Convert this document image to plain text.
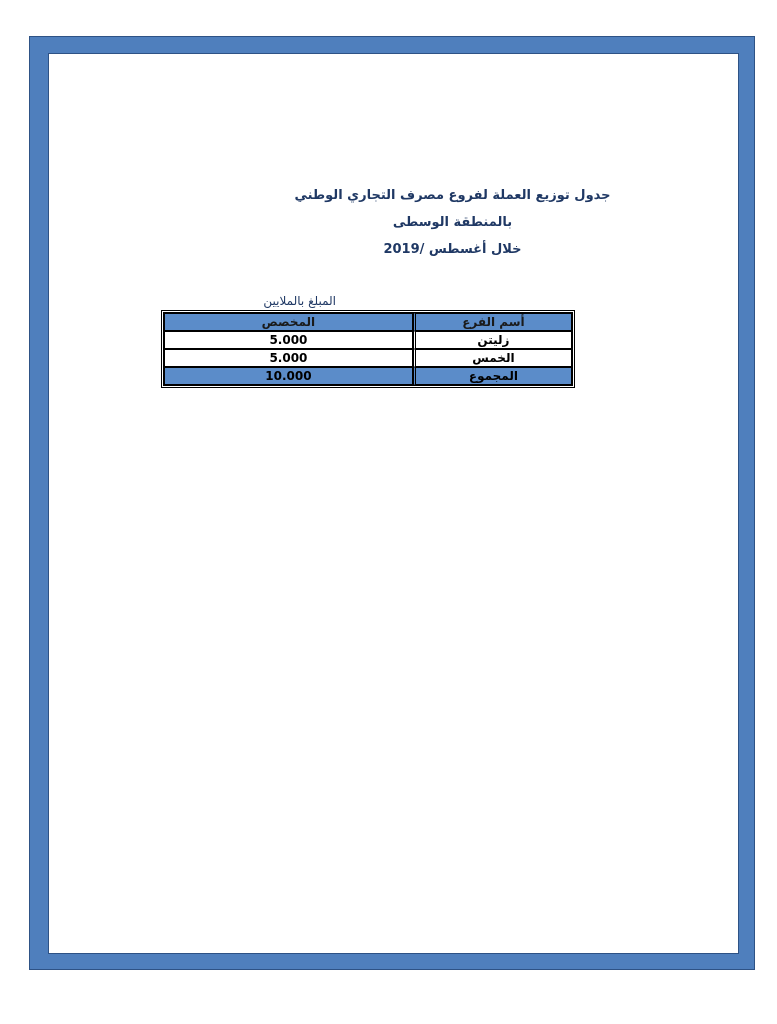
جدول توزيع العملة لفروع مصرف التجاري الوطني
بالمنطقة الوسطى
خلال أغسطس /2019
المبلغ بالملايين
أسم الفرع	المخصص
زليتن	5.000
الخمس	5.000
المجموع	10.000
